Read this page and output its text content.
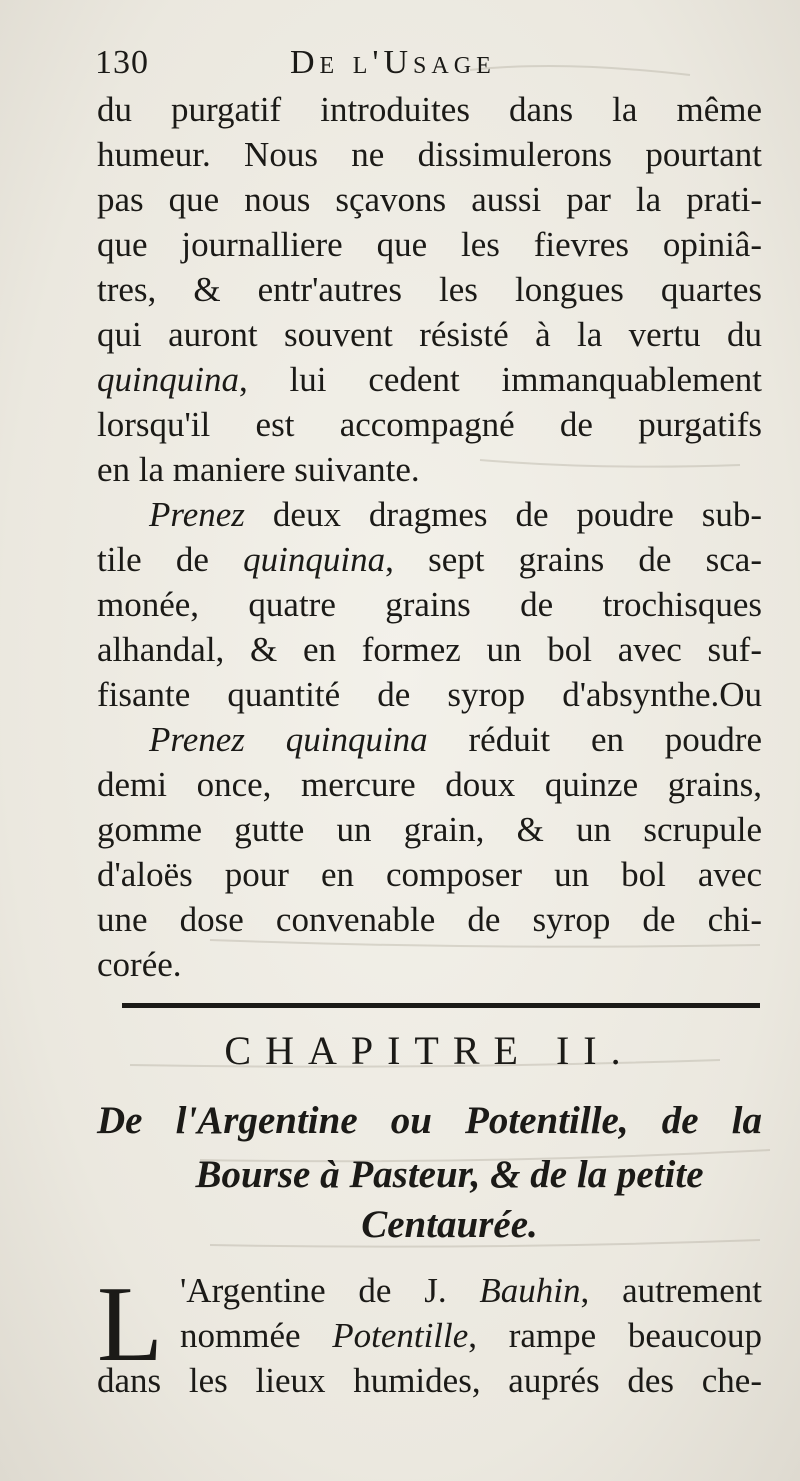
130	De l'Usage
du purgatif introduites dans la même
humeur. Nous ne dissimulerons pourtant
pas que nous sçavons aussi par la prati-
que journalliere que les fievres opiniâ-
tres, & entr'autres les longues quartes
qui auront souvent résisté à la vertu du
quinquina, lui cedent immanquablement
lorsqu'il est accompagné de purgatifs
en la maniere suivante.
Prenez deux dragmes de poudre sub-
tile de quinquina, sept grains de sca-
monée, quatre grains de trochisques
alhandal, & en formez un bol avec suf-
fisante quantité de syrop d'absynthe.Ou
Prenez quinquina réduit en poudre
demi once, mercure doux quinze grains,
gomme gutte un grain, & un scrupule
d'aloës pour en composer un bol avec
une dose convenable de syrop de chi-
corée.
CHAPITRE II.
De l'Argentine ou Potentille, de la
Bourse à Pasteur, & de la petite
Centaurée.
L 'Argentine de J. Bauhin, autrement
nommée Potentille, rampe beaucoup
dans les lieux humides, auprés des che-
